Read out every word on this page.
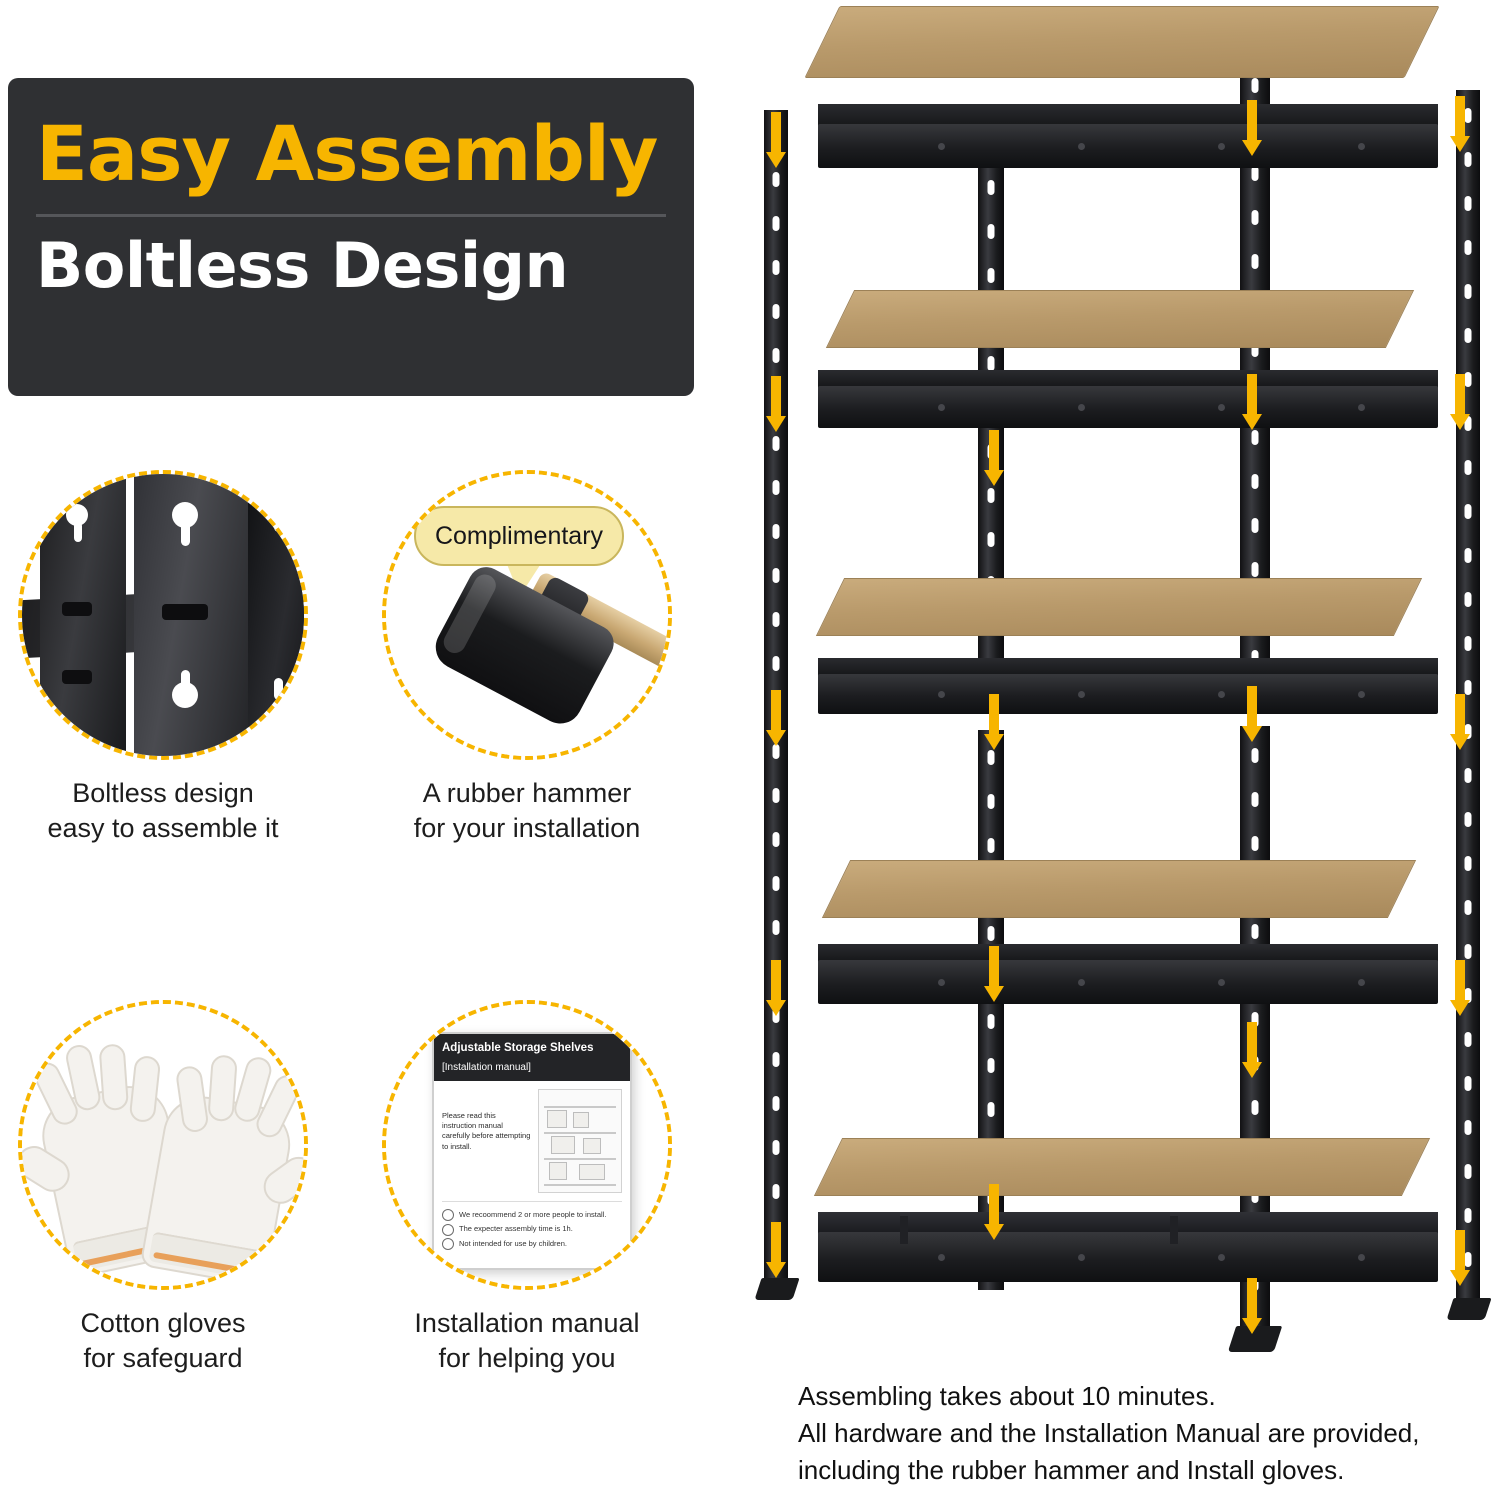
Easy Assembly
Boltless Design
Boltless design
easy to assemble it
Complimentary
A rubber hammer
for your installation
Cotton gloves
for safeguard
Adjustable Storage Shelves
[Installation manual]
Please read this instruction manual carefully before attempting to install.
We recoommend 2 or more people to install.
The expecter assembly time is 1h.
Not intended for use by children.
Installation manual
for helping you
Assembling takes about 10 minutes.
All hardware and the Installation Manual are provided,
including the rubber hammer and Install gloves.
